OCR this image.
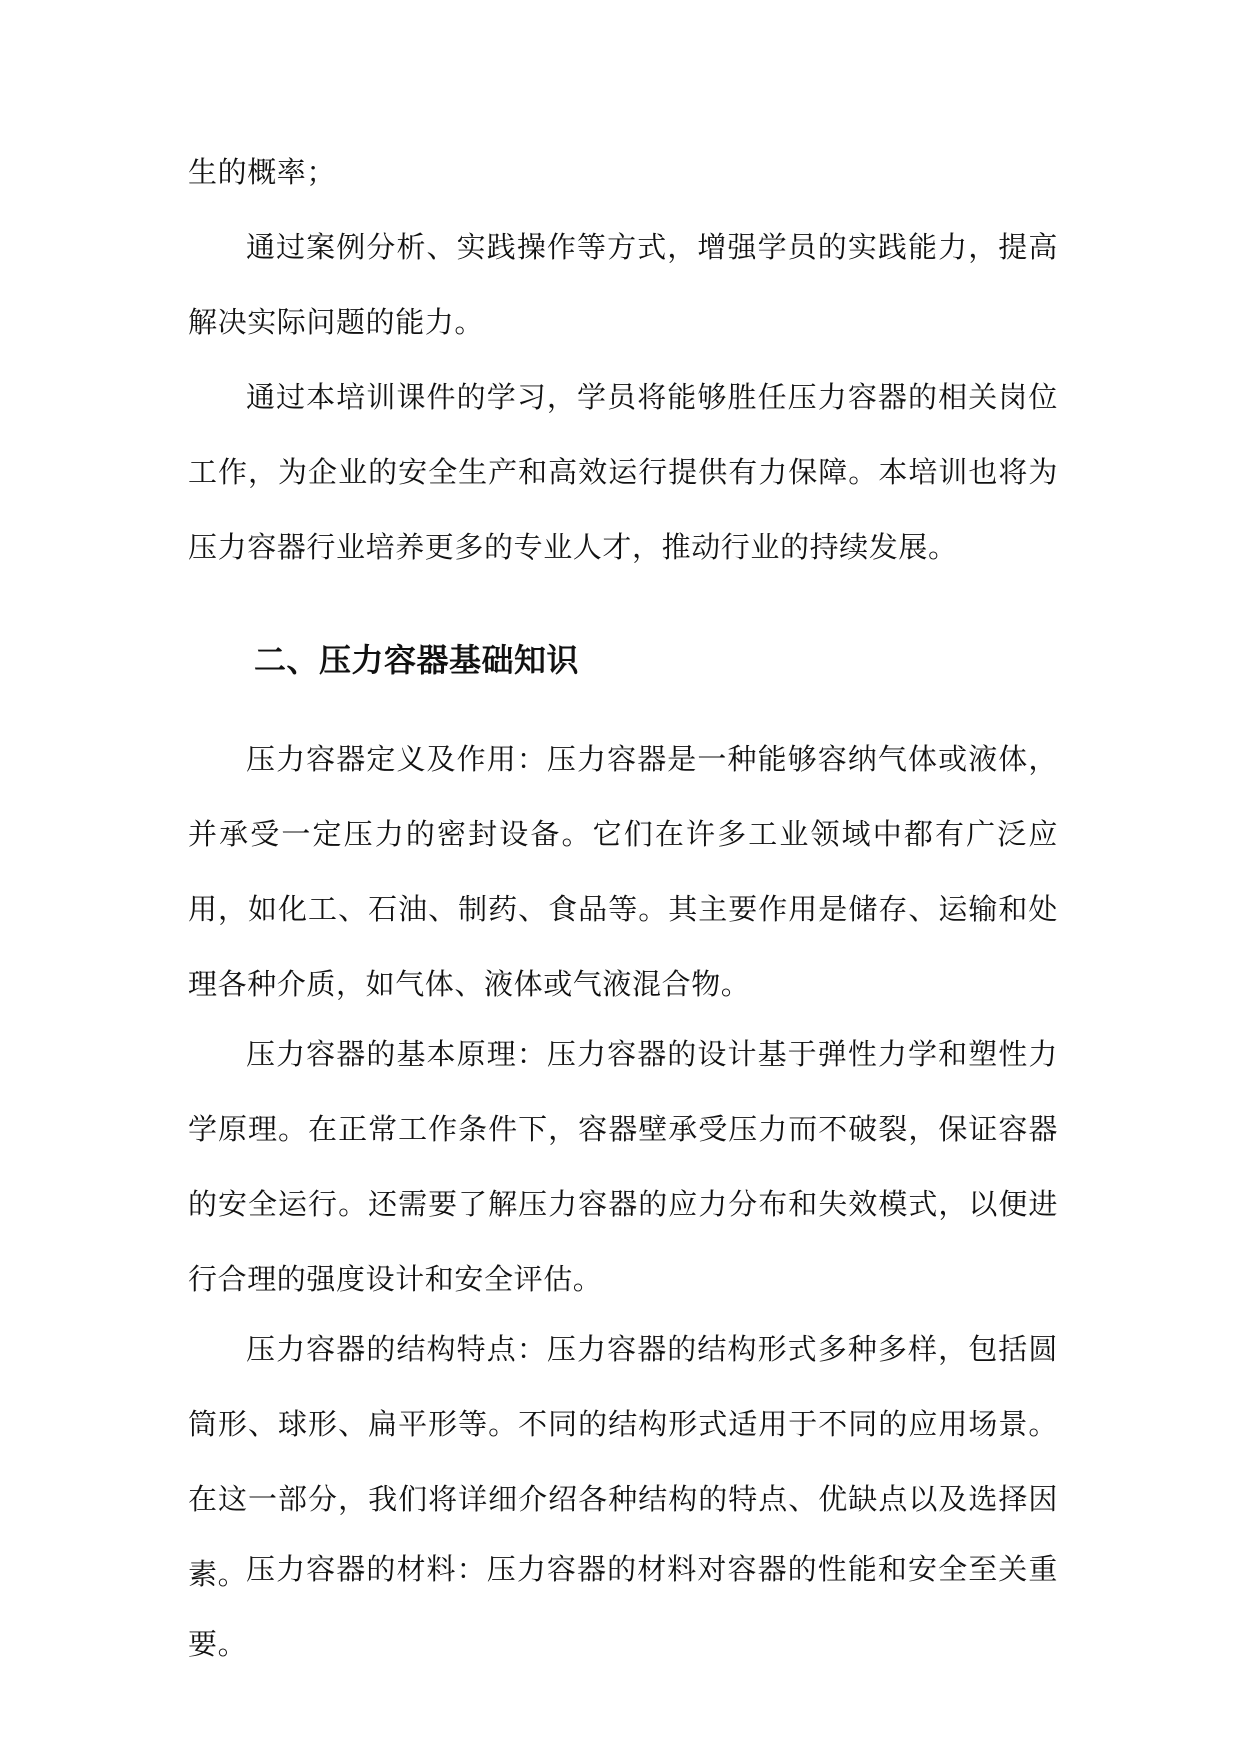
生的概率；

通过案例分析、实践操作等方式，增强学员的实践能力，提高解决实际问题的能力。

通过本培训课件的学习，学员将能够胜任压力容器的相关岗位工作，为企业的安全生产和高效运行提供有力保障。本培训也将为压力容器行业培养更多的专业人才，推动行业的持续发展。

二、压力容器基础知识

压力容器定义及作用：压力容器是一种能够容纳气体或液体，并承受一定压力的密封设备。它们在许多工业领域中都有广泛应用，如化工、石油、制药、食品等。其主要作用是储存、运输和处理各种介质，如气体、液体或气液混合物。

压力容器的基本原理：压力容器的设计基于弹性力学和塑性力学原理。在正常工作条件下，容器壁承受压力而不破裂，保证容器的安全运行。还需要了解压力容器的应力分布和失效模式，以便进行合理的强度设计和安全评估。

压力容器的结构特点：压力容器的结构形式多种多样，包括圆筒形、球形、扁平形等。不同的结构形式适用于不同的应用场景。在这一部分，我们将详细介绍各种结构的特点、优缺点以及选择因素。

压力容器的材料：压力容器的材料对容器的性能和安全至关重要。
